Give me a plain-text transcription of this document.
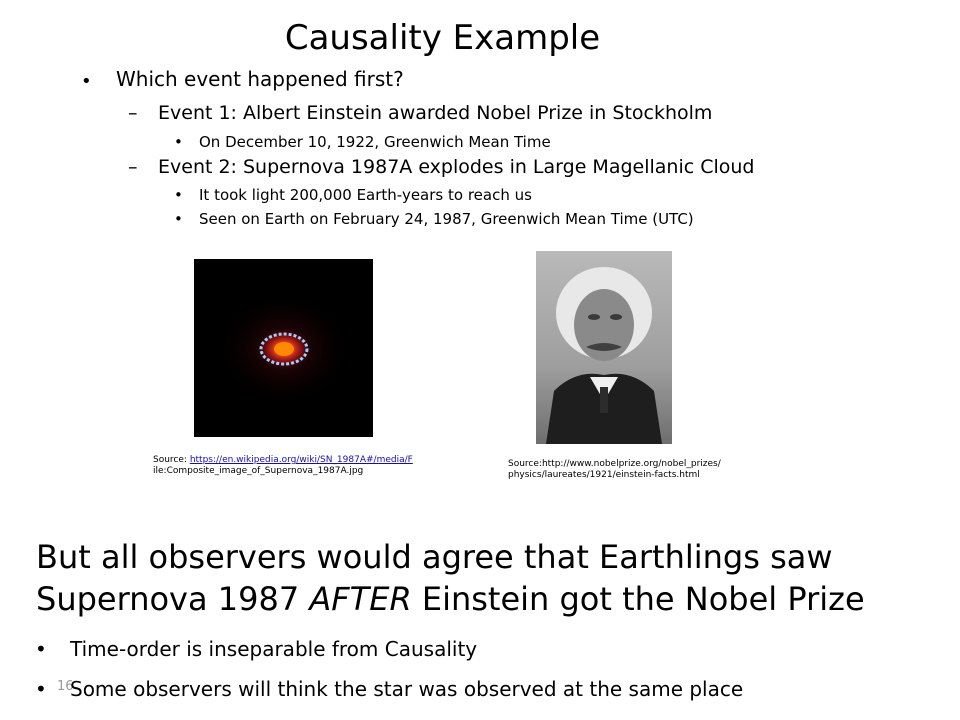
Causality Example
• Which event happened first?
– Event 1: Albert Einstein awarded Nobel Prize in Stockholm
• On December 10, 1922, Greenwich Mean Time
– Event 2: Supernova 1987A explodes in Large Magellanic Cloud
• It took light 200,000 Earth-years to reach us
• Seen on Earth on February 24, 1987, Greenwich Mean Time (UTC)
Source: https://en.wikipedia.org/wiki/SN_1987A#/media/F
ile:Composite_image_of_Supernova_1987A.jpg
Source:http://www.nobelprize.org/nobel_prizes/
physics/laureates/1921/einstein-facts.html
But all observers would agree that Earthlings saw
Supernova 1987 AFTER Einstein got the Nobel Prize
• Time-order is inseparable from Causality
• 16
Some observers will think the star was observed at the same place
